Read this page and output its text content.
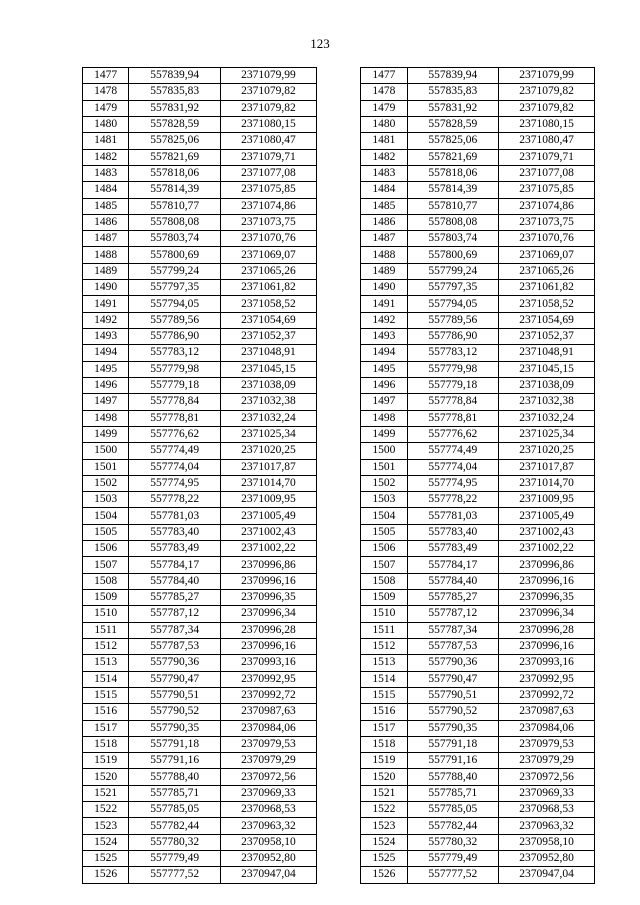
123
1477	557839,94	2371079,99		1477	557839,94	2371079,99
1478	557835,83	2371079,82		1478	557835,83	2371079,82
1479	557831,92	2371079,82		1479	557831,92	2371079,82
1480	557828,59	2371080,15		1480	557828,59	2371080,15
1481	557825,06	2371080,47		1481	557825,06	2371080,47
1482	557821,69	2371079,71		1482	557821,69	2371079,71
1483	557818,06	2371077,08		1483	557818,06	2371077,08
1484	557814,39	2371075,85		1484	557814,39	2371075,85
1485	557810,77	2371074,86		1485	557810,77	2371074,86
1486	557808,08	2371073,75		1486	557808,08	2371073,75
1487	557803,74	2371070,76		1487	557803,74	2371070,76
1488	557800,69	2371069,07		1488	557800,69	2371069,07
1489	557799,24	2371065,26		1489	557799,24	2371065,26
1490	557797,35	2371061,82		1490	557797,35	2371061,82
1491	557794,05	2371058,52		1491	557794,05	2371058,52
1492	557789,56	2371054,69		1492	557789,56	2371054,69
1493	557786,90	2371052,37		1493	557786,90	2371052,37
1494	557783,12	2371048,91		1494	557783,12	2371048,91
1495	557779,98	2371045,15		1495	557779,98	2371045,15
1496	557779,18	2371038,09		1496	557779,18	2371038,09
1497	557778,84	2371032,38		1497	557778,84	2371032,38
1498	557778,81	2371032,24		1498	557778,81	2371032,24
1499	557776,62	2371025,34		1499	557776,62	2371025,34
1500	557774,49	2371020,25		1500	557774,49	2371020,25
1501	557774,04	2371017,87		1501	557774,04	2371017,87
1502	557774,95	2371014,70		1502	557774,95	2371014,70
1503	557778,22	2371009,95		1503	557778,22	2371009,95
1504	557781,03	2371005,49		1504	557781,03	2371005,49
1505	557783,40	2371002,43		1505	557783,40	2371002,43
1506	557783,49	2371002,22		1506	557783,49	2371002,22
1507	557784,17	2370996,86		1507	557784,17	2370996,86
1508	557784,40	2370996,16		1508	557784,40	2370996,16
1509	557785,27	2370996,35		1509	557785,27	2370996,35
1510	557787,12	2370996,34		1510	557787,12	2370996,34
1511	557787,34	2370996,28		1511	557787,34	2370996,28
1512	557787,53	2370996,16		1512	557787,53	2370996,16
1513	557790,36	2370993,16		1513	557790,36	2370993,16
1514	557790,47	2370992,95		1514	557790,47	2370992,95
1515	557790,51	2370992,72		1515	557790,51	2370992,72
1516	557790,52	2370987,63		1516	557790,52	2370987,63
1517	557790,35	2370984,06		1517	557790,35	2370984,06
1518	557791,18	2370979,53		1518	557791,18	2370979,53
1519	557791,16	2370979,29		1519	557791,16	2370979,29
1520	557788,40	2370972,56		1520	557788,40	2370972,56
1521	557785,71	2370969,33		1521	557785,71	2370969,33
1522	557785,05	2370968,53		1522	557785,05	2370968,53
1523	557782,44	2370963,32		1523	557782,44	2370963,32
1524	557780,32	2370958,10		1524	557780,32	2370958,10
1525	557779,49	2370952,80		1525	557779,49	2370952,80
1526	557777,52	2370947,04		1526	557777,52	2370947,04
